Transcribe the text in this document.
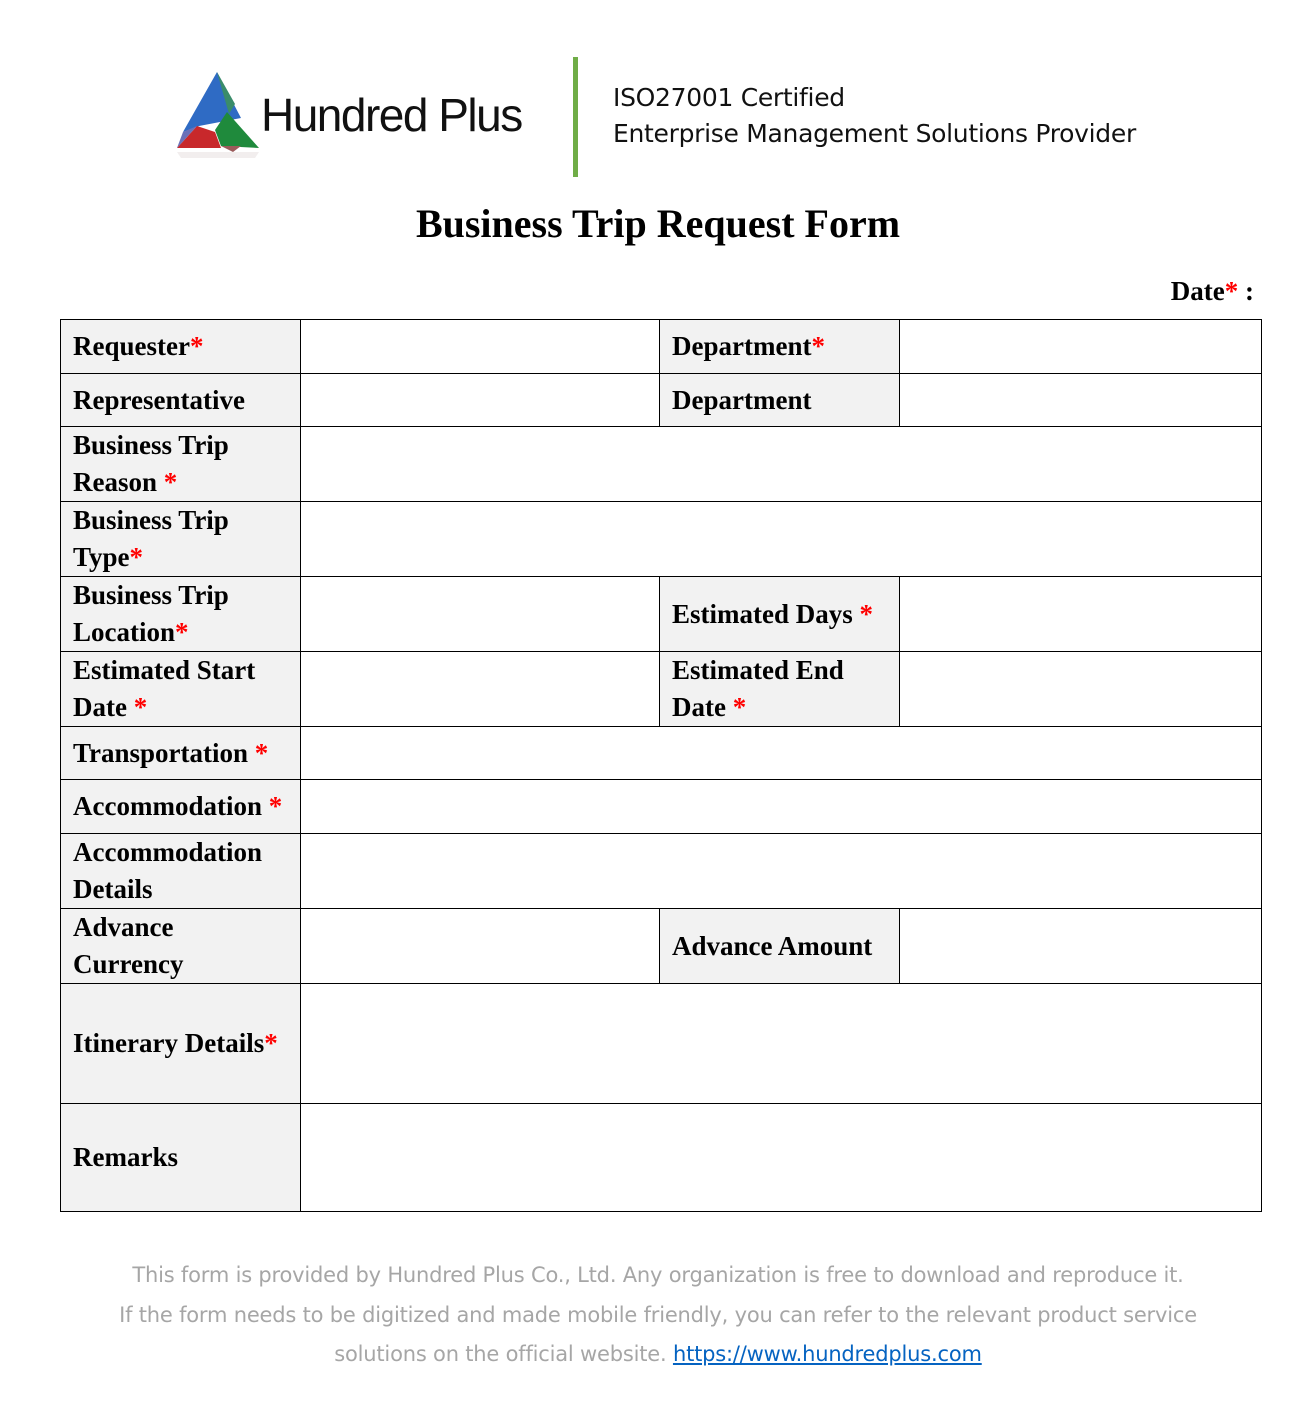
Hundred Plus	ISO27001 Certified
Enterprise Management Solutions Provider
Business Trip Request Form
Date* :
Requester*		Department*	
Representative		Department	
Business Trip Reason *			
Business Trip Type*			
Business Trip Location*		Estimated Days *	
Estimated Start Date *		Estimated End Date *	
Transportation *			
Accommodation *			
Accommodation Details			
Advance Currency		Advance Amount	
Itinerary Details*			
Remarks			
This form is provided by Hundred Plus Co., Ltd. Any organization is free to download and reproduce it.
If the form needs to be digitized and made mobile friendly, you can refer to the relevant product service
solutions on the official website. https://www.hundredplus.com
